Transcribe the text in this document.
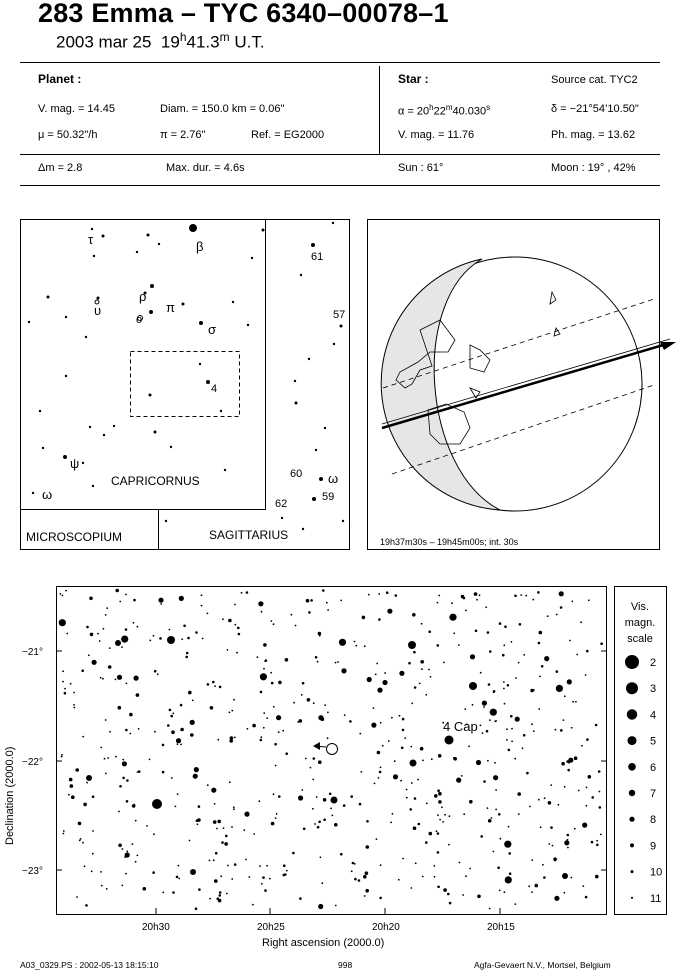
283 Emma – TYC 6340–00078–1
2003 mar 25 19$^h$41.3$^m$ U.T.
Planet :
V. mag. = 14.45	Diam. = 150.0 km = 0.06"
μ = 50.32"/h	π = 2.76"	Ref. = EG2000
Star :	Source cat. TYC2
$\alpha = 20^h22^m40.030^s$	δ = −21°54’10.50"
V. mag. = 11.76	Ph. mag. = 13.62
Δm = 2.8	Max. dur. = 4.6s	Sun : 61°	Moon : 19° , 42%
τ	β
ρ
π
υ
o
σ
ψ
ω
ω
61
57
4
60
59
62
CAPRICORNUS
MICROSCOPIUM	SAGITTARIUS	19h37m30s – 19h45m00s; int. 30s
4 Cap
−21°
−22°
−23°
20h30	20h25	20h20	20h15
Right ascension (2000.0)
Declination (2000.0)
Vis.
magn.
scale
2
3
4
5
6
7
8
9
10
11
A03_0329.PS : 2002-05-13 18:15:10	998	Agfa-Gevaert N.V., Mortsel, Belgium
